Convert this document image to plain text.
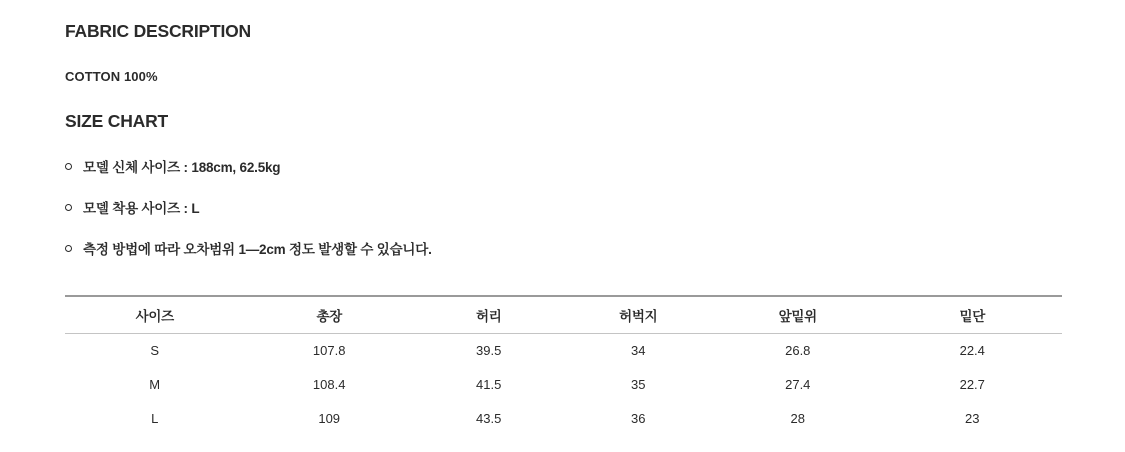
FABRIC DESCRIPTION
COTTON 100%
SIZE CHART
모델 신체 사이즈 : 188cm, 62.5kg
모델 착용 사이즈 : L
측정 방법에 따라 오차범위 1—2cm 정도 발생할 수 있습니다.
사이즈	총장	허리	허벅지	앞밑위	밑단
S	107.8	39.5	34	26.8	22.4
M	108.4	41.5	35	27.4	22.7
L	109	43.5	36	28	23
